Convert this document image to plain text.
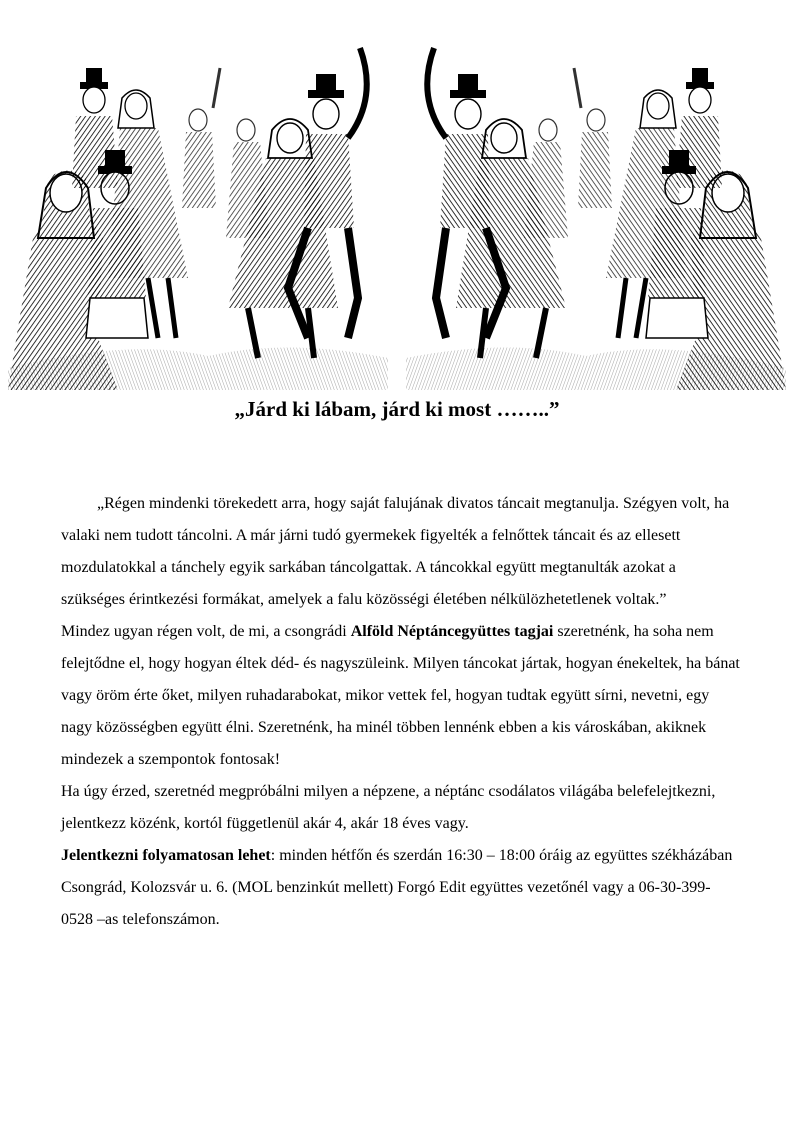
„Járd ki lábam, járd ki most ……..”

„Régen mindenki törekedett arra, hogy saját falujának divatos táncait megtanulja. Szégyen volt, ha valaki nem tudott táncolni. A már járni tudó gyermekek figyelték a felnőttek táncait és az ellesett mozdulatokkal a tánchely egyik sarkában táncolgattak. A táncokkal együtt megtanulták azokat a szükséges érintkezési formákat, amelyek a falu közösségi életében nélkülözhetetlenek voltak.”

Mindez ugyan régen volt, de mi, a csongrádi Alföld Néptáncegyüttes tagjai szeretnénk, ha soha nem felejtődne el, hogy hogyan éltek déd- és nagyszüleink. Milyen táncokat jártak, hogyan énekeltek, ha bánat vagy öröm érte őket, milyen ruhadarabokat, mikor vettek fel, hogyan tudtak együtt sírni, nevetni, egy nagy közösségben együtt élni. Szeretnénk, ha minél többen lennénk ebben a kis városkában, akiknek mindezek a szempontok fontosak!

Ha úgy érzed, szeretnéd megpróbálni milyen a népzene, a néptánc csodálatos világába belefelejtkezni, jelentkezz közénk, kortól függetlenül akár 4, akár 18 éves vagy.

Jelentkezni folyamatosan lehet: minden hétfőn és szerdán 16:30 – 18:00 óráig az együttes székházában Csongrád, Kolozsvár u. 6. (MOL benzinkút mellett) Forgó Edit együttes vezetőnél vagy a 06-30-399-0528 –as telefonszámon.
